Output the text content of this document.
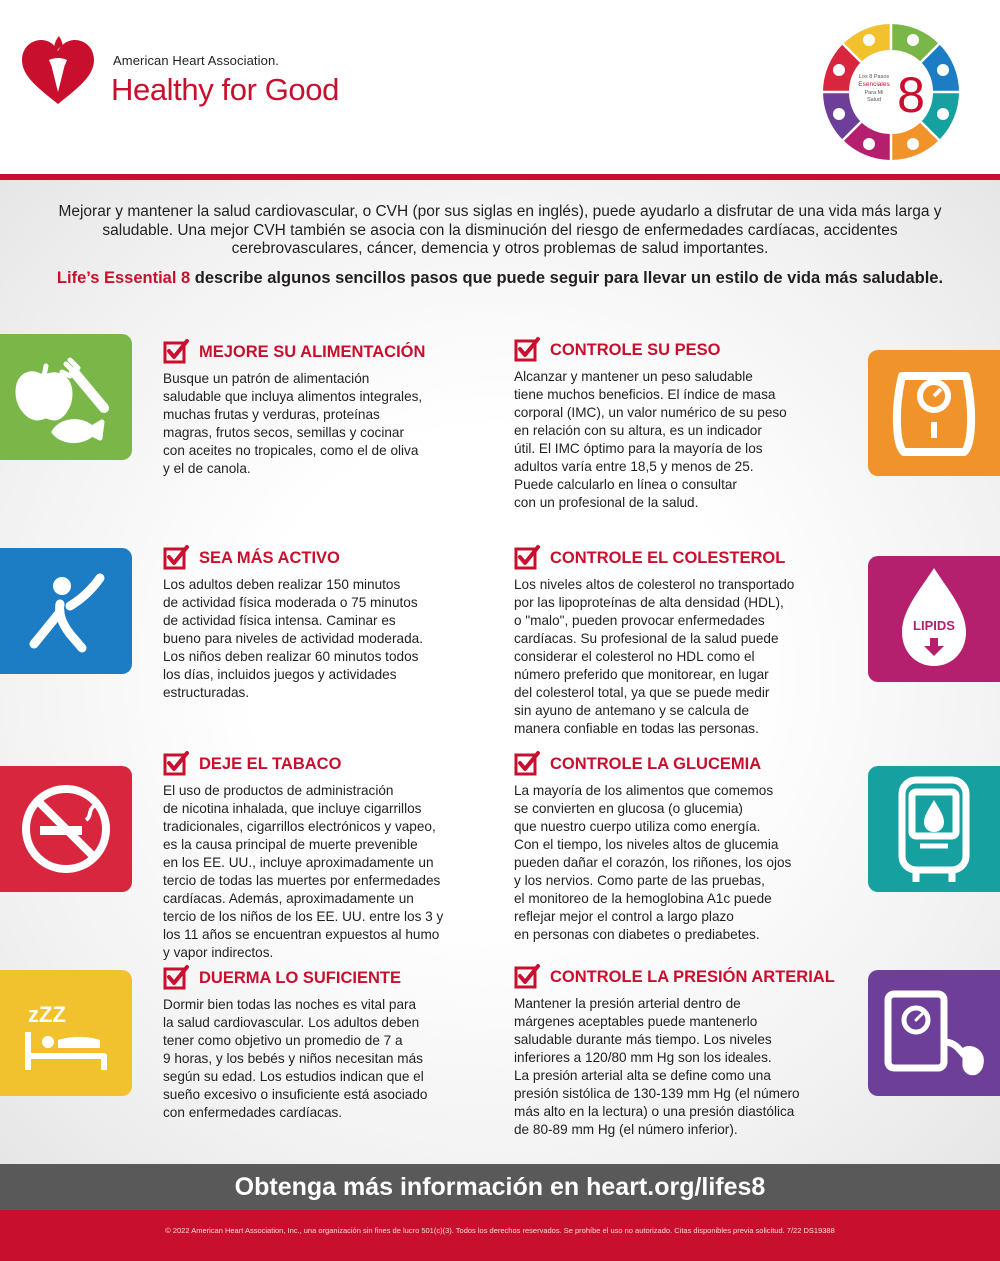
American Heart Association.
Healthy for Good	Los 8 Pasos
Esenciales
Para Mi
Salud 8

Mejorar y mantener la salud cardiovascular, o CVH (por sus siglas en inglés), puede ayudarlo a disfrutar de una vida más larga y saludable. Una mejor CVH también se asocia con la disminución del riesgo de enfermedades cardíacas, accidentes cerebrovasculares, cáncer, demencia y otros problemas de salud importantes.

Life’s Essential 8 describe algunos sencillos pasos que puede seguir para llevar un estilo de vida más saludable.

zZZ
LIPIDS
MEJORE SU ALIMENTACIÓN
Busque un patrón de alimentación
saludable que incluya alimentos integrales,
muchas frutas y verduras, proteínas
magras, frutos secos, semillas y cocinar
con aceites no tropicales, como el de oliva
y el de canola.
CONTROLE SU PESO
Alcanzar y mantener un peso saludable
tiene muchos beneficios. El índice de masa
corporal (IMC), un valor numérico de su peso
en relación con su altura, es un indicador
útil. El IMC óptimo para la mayoría de los
adultos varía entre 18,5 y menos de 25.
Puede calcularlo en línea o consultar
con un profesional de la salud.
SEA MÁS ACTIVO
Los adultos deben realizar 150 minutos
de actividad física moderada o 75 minutos
de actividad física intensa. Caminar es
bueno para niveles de actividad moderada.
Los niños deben realizar 60 minutos todos
los días, incluidos juegos y actividades
estructuradas.
CONTROLE EL COLESTEROL
Los niveles altos de colesterol no transportado
por las lipoproteínas de alta densidad (HDL),
o "malo", pueden provocar enfermedades
cardíacas. Su profesional de la salud puede
considerar el colesterol no HDL como el
número preferido que monitorear, en lugar
del colesterol total, ya que se puede medir
sin ayuno de antemano y se calcula de
manera confiable en todas las personas.
DEJE EL TABACO
El uso de productos de administración
de nicotina inhalada, que incluye cigarrillos
tradicionales, cigarrillos electrónicos y vapeo,
es la causa principal de muerte prevenible
en los EE. UU., incluye aproximadamente un
tercio de todas las muertes por enfermedades
cardíacas. Además, aproximadamente un
tercio de los niños de los EE. UU. entre los 3 y
los 11 años se encuentran expuestos al humo
y vapor indirectos.
CONTROLE LA GLUCEMIA
La mayoría de los alimentos que comemos
se convierten en glucosa (o glucemia)
que nuestro cuerpo utiliza como energía.
Con el tiempo, los niveles altos de glucemia
pueden dañar el corazón, los riñones, los ojos
y los nervios. Como parte de las pruebas,
el monitoreo de la hemoglobina A1c puede
reflejar mejor el control a largo plazo
en personas con diabetes o prediabetes.
DUERMA LO SUFICIENTE
Dormir bien todas las noches es vital para
la salud cardiovascular. Los adultos deben
tener como objetivo un promedio de 7 a
9 horas, y los bebés y niños necesitan más
según su edad. Los estudios indican que el
sueño excesivo o insuficiente está asociado
con enfermedades cardíacas.
CONTROLE LA PRESIÓN ARTERIAL
Mantener la presión arterial dentro de
márgenes aceptables puede mantenerlo
saludable durante más tiempo. Los niveles
inferiores a 120/80 mm Hg son los ideales.
La presión arterial alta se define como una
presión sistólica de 130-139 mm Hg (el número
más alto en la lectura) o una presión diastólica
de 80-89 mm Hg (el número inferior).
Obtenga más información en heart.org/lifes8
© 2022 American Heart Association, Inc., una organización sin fines de lucro 501(c)(3). Todos los derechos reservados. Se prohíbe el uso no autorizado. Citas disponibles previa solicitud. 7/22 DS19388
